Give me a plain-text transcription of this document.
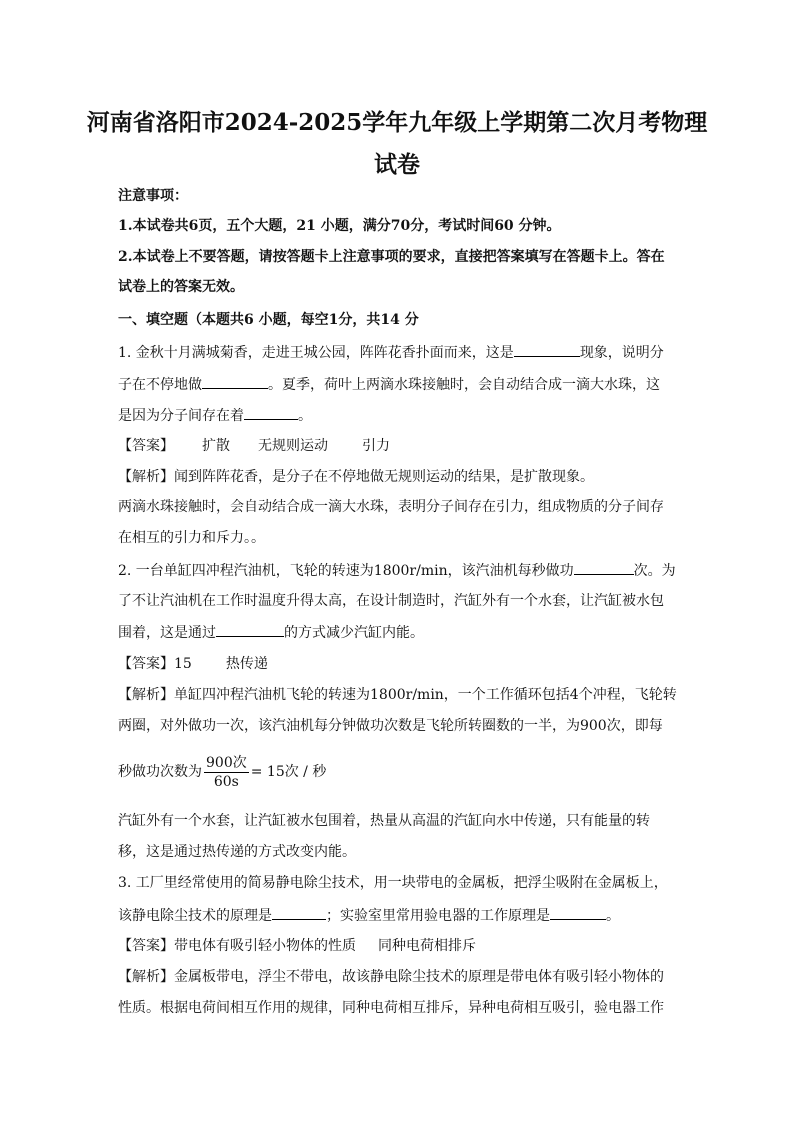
河南省洛阳市2024-2025学年九年级上学期第二次月考物理
试卷
注意事项：
1.本试卷共6页，五个大题，21 小题，满分70分，考试时间60 分钟。
2.本试卷上不要答题，请按答题卡上注意事项的要求，直接把答案填写在答题卡上。答在
试卷上的答案无效。
一、填空题（本题共6 小题，每空1分，共14 分
1. 金秋十月满城菊香，走进王城公园，阵阵花香扑面而来，这是	现象，说明分
子在不停地做	。夏季，荷叶上两滴水珠接触时，会自动结合成一滴大水珠，这
是因为分子间存在着	。
【答案】 扩散 无规则运动 引力
【解析】闻到阵阵花香，是分子在不停地做无规则运动的结果，是扩散现象。
两滴水珠接触时，会自动结合成一滴大水珠，表明分子间存在引力，组成物质的分子间存
在相互的引力和斥力。。
2. 一台单缸四冲程汽油机，飞轮的转速为1800r/min，该汽油机每秒做功	次。为
了不让汽油机在工作时温度升得太高，在设计制造时，汽缸外有一个水套，让汽缸被水包
围着，这是通过	的方式减少汽缸内能。
【答案】15 热传递
【解析】单缸四冲程汽油机飞轮的转速为1800r/min，一个工作循环包括4个冲程，飞轮转
两圈，对外做功一次，该汽油机每分钟做功次数是飞轮所转圈数的一半，为900次，即每
秒做功次数为 $\frac{\text{900次}}{60s} = 15$次 / 秒
汽缸外有一个水套，让汽缸被水包围着，热量从高温的汽缸向水中传递，只有能量的转
移，这是通过热传递的方式改变内能。
3. 工厂里经常使用的简易静电除尘技术，用一块带电的金属板，把浮尘吸附在金属板上，
该静电除尘技术的原理是	；实验室里常用验电器的工作原理是	。
【答案】带电体有吸引轻小物体的性质 同种电荷相排斥
【解析】金属板带电，浮尘不带电，故该静电除尘技术的原理是带电体有吸引轻小物体的
性质。根据电荷间相互作用的规律，同种电荷相互排斥，异种电荷相互吸引，验电器工作
